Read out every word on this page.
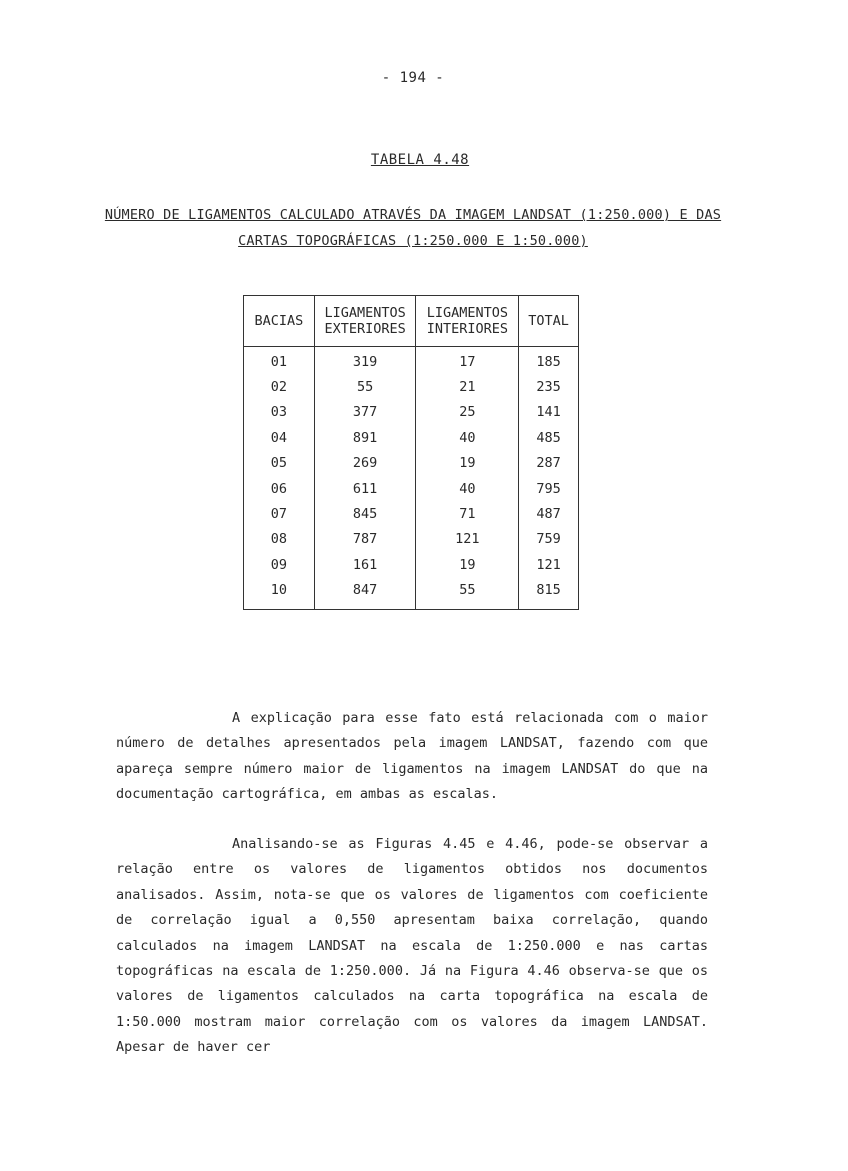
- 194 -
TABELA 4.48
NÚMERO DE LIGAMENTOS CALCULADO ATRAVÉS DA IMAGEM LANDSAT (1:250.000) E DAS CARTAS TOPOGRÁFICAS (1:250.000 E 1:50.000)
BACIAS	LIGAMENTOS EXTERIORES	LIGAMENTOS INTERIORES	TOTAL
01	319	17	185
02	55	21	235
03	377	25	141
04	891	40	485
05	269	19	287
06	611	40	795
07	845	71	487
08	787	121	759
09	161	19	121
10	847	55	815
A explicação para esse fato está relacionada com o maior número de detalhes apresentados pela imagem LANDSAT, fazendo com que apareça sempre número maior de ligamentos na imagem LANDSAT do que na documentação cartográfica, em ambas as escalas.
Analisando-se as Figuras 4.45 e 4.46, pode-se observar a relação entre os valores de ligamentos obtidos nos documentos analisados. Assim, nota-se que os valores de ligamentos com coeficiente de correlação igual a 0,550 apresentam baixa correlação, quando calculados na imagem LANDSAT na escala de 1:250.000 e nas cartas topográficas na escala de 1:250.000. Já na Figura 4.46 observa-se que os valores de ligamentos calculados na carta topográfica na escala de 1:50.000 mostram maior correlação com os valores da imagem LANDSAT. Apesar de haver cer
